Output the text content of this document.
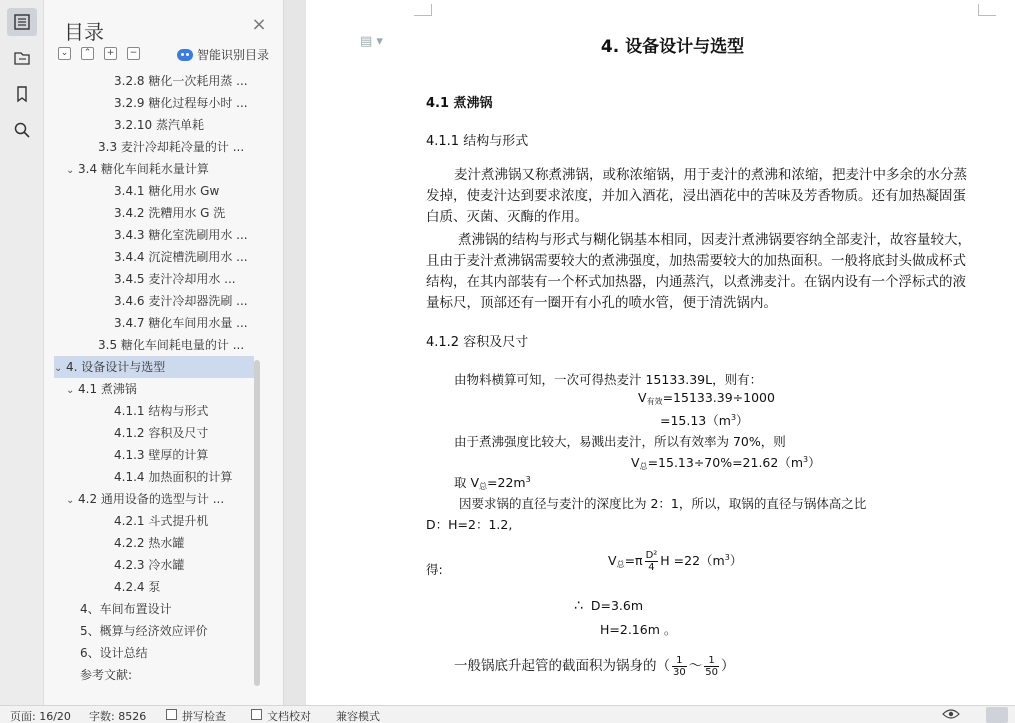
目录	×
⌄	⌃	+	−	智能识别目录
3.2.8 糖化一次耗用蒸 ...
3.2.9 糖化过程每小时 ...
3.2.10 蒸汽单耗
3.3 麦汁冷却耗冷量的计 ...
⌄ 3.4 糖化车间耗水量计算
3.4.1 糖化用水 Gw
3.4.2 洗糟用水 G 洗
3.4.3 糖化室洗刷用水 ...
3.4.4 沉淀槽洗刷用水 ...
3.4.5 麦汁冷却用水 ...
3.4.6 麦汁冷却器洗刷 ...
3.4.7 糖化车间用水量 ...
3.5 糖化车间耗电量的计 ...
⌄ 4. 设备设计与选型
⌄ 4.1 煮沸锅
4.1.1 结构与形式
4.1.2 容积及尺寸
4.1.3 壁厚的计算
4.1.4 加热面积的计算
⌄ 4.2 通用设备的选型与计 ...
4.2.1 斗式提升机
4.2.2 热水罐
4.2.3 冷水罐
4.2.4 泵
4、车间布置设计
5、概算与经济效应评价
6、设计总结
参考文献:
▤ ▾	4. 设备设计与选型
4.1 煮沸锅
4.1.1 结构与形式
麦汁煮沸锅又称煮沸锅，或称浓缩锅，用于麦汁的煮沸和浓缩，把麦汁中多余的水分蒸
发掉，使麦汁达到要求浓度，并加入酒花，浸出酒花中的苦味及芳香物质。还有加热凝固蛋
白质、灭菌、灭酶的作用。
煮沸锅的结构与形式与糊化锅基本相同，因麦汁煮沸锅要容纳全部麦汁，故容量较大，
且由于麦汁煮沸锅需要较大的煮沸强度，加热需要较大的加热面积。一般将底封头做成杯式
结构，在其内部装有一个杯式加热器，内通蒸汽，以煮沸麦汁。在锅内设有一个浮标式的液
量标尺，顶部还有一圈开有小孔的喷水管，便于清洗锅内。
4.1.2 容积及尺寸
由物料横算可知，一次可得热麦汁 15133.39L，则有：
$V_{有效}=15133.39\div 1000$
$=15.13(m^3)$
由于煮沸强度比较大，易溅出麦汁，所以有效率为 70%，则
$V_总=15.13\div 70\%=21.62(m^3)$
取 $V_总=22m^3$
因要求锅的直径与麦汁的深度比为 2：1，所以，取锅的直径与锅体高之比
D：H=2：1.2,
得:
$V_总=\pi \frac{\text{D²}}{4}$ $H =22(m^3)$
∴ D=3.6m
H=2.16m 。
一般锅底升起管的截面积为锅身的（ $\frac{1}{30}$ ～ $\frac{1}{50}$ ）
页面: 16/20 字数: 8526	拼写检查	文档校对 兼容模式
